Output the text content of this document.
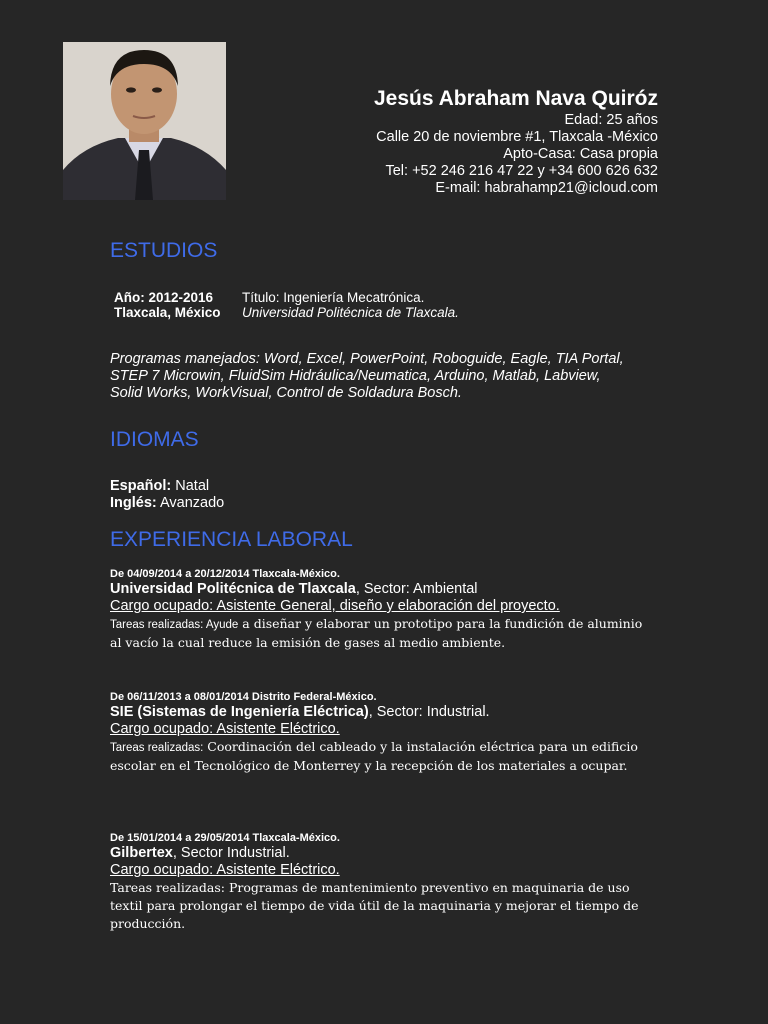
Jesús Abraham Nava Quiróz
Edad: 25 años
Calle 20 de noviembre #1, Tlaxcala -México
Apto-Casa: Casa propia
Tel: +52 246 216 47 22 y +34 600 626 632
E-mail: habrahamp21@icloud.com
ESTUDIOS
Año: 2012-2016 Título: Ingeniería Mecatrónica.
Tlaxcala, México Universidad Politécnica de Tlaxcala.
Programas manejados: Word, Excel, PowerPoint, Roboguide, Eagle, TIA Portal, STEP 7 Microwin, FluidSim Hidráulica/Neumatica, Arduino, Matlab, Labview, Solid Works, WorkVisual, Control de Soldadura Bosch.
IDIOMAS
Español: Natal
Inglés: Avanzado
EXPERIENCIA LABORAL
De 04/09/2014 a 20/12/2014 Tlaxcala-México.
Universidad Politécnica de Tlaxcala, Sector: Ambiental
Cargo ocupado: Asistente General, diseño y elaboración del proyecto.
Tareas realizadas: Ayude a diseñar y elaborar un prototipo para la fundición de aluminio al vacío la cual reduce la emisión de gases al medio ambiente.
De 06/11/2013 a 08/01/2014 Distrito Federal-México.
SIE (Sistemas de Ingeniería Eléctrica), Sector: Industrial.
Cargo ocupado: Asistente Eléctrico.
Tareas realizadas: Coordinación del cableado y la instalación eléctrica para un edificio escolar en el Tecnológico de Monterrey y la recepción de los materiales a ocupar.
De 15/01/2014 a 29/05/2014 Tlaxcala-México.
Gilbertex, Sector Industrial.
Cargo ocupado: Asistente Eléctrico.
Tareas realizadas: Programas de mantenimiento preventivo en maquinaria de uso textil para prolongar el tiempo de vida útil de la maquinaria y mejorar el tiempo de producción.
